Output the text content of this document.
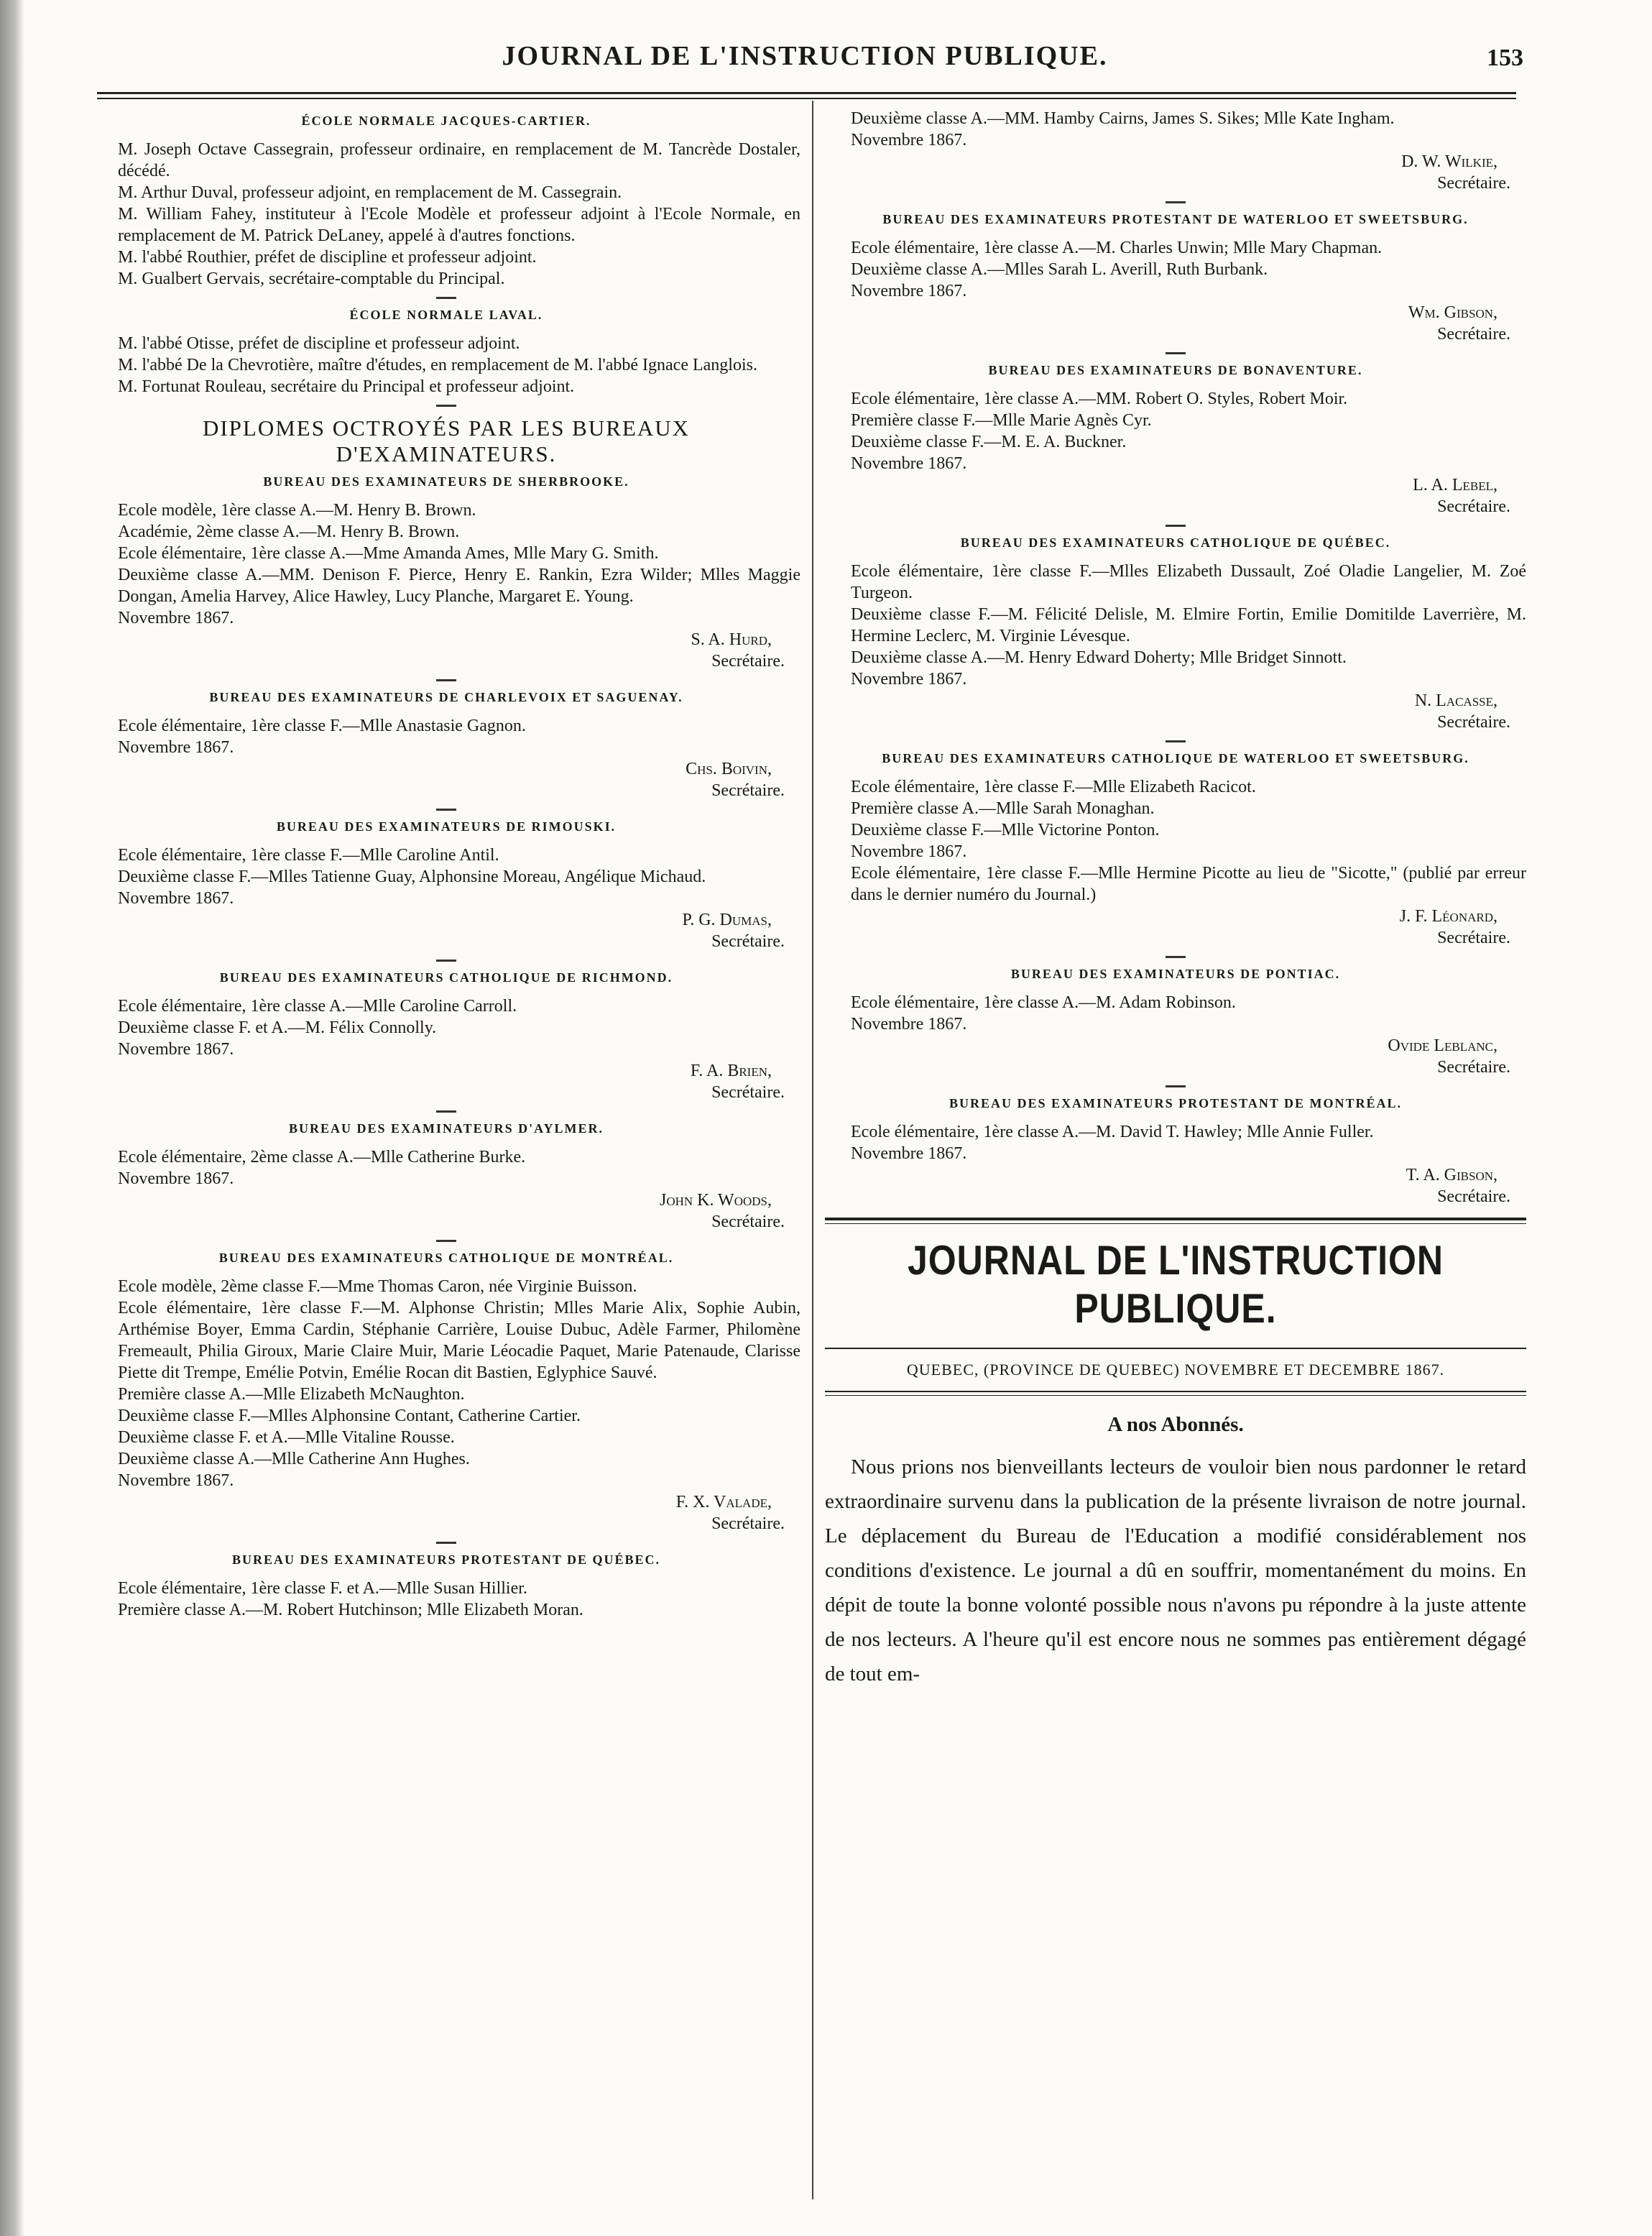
JOURNAL DE L'INSTRUCTION PUBLIQUE.	153
ÉCOLE NORMALE JACQUES-CARTIER.
M. Joseph Octave Cassegrain, professeur ordinaire, en remplacement de M. Tancrède Dostaler, décédé.
M. Arthur Duval, professeur adjoint, en remplacement de M. Cassegrain.
M. William Fahey, instituteur à l'Ecole Modèle et professeur adjoint à l'Ecole Normale, en remplacement de M. Patrick DeLaney, appelé à d'autres fonctions.
M. l'abbé Routhier, préfet de discipline et professeur adjoint.
M. Gualbert Gervais, secrétaire-comptable du Principal.
ÉCOLE NORMALE LAVAL.
M. l'abbé Otisse, préfet de discipline et professeur adjoint.
M. l'abbé De la Chevrotière, maître d'études, en remplacement de M. l'abbé Ignace Langlois.
M. Fortunat Rouleau, secrétaire du Principal et professeur adjoint.
DIPLOMES OCTROYÉS PAR LES BUREAUX D'EXAMINATEURS.
BUREAU DES EXAMINATEURS DE SHERBROOKE.
Ecole modèle, 1ère classe A.—M. Henry B. Brown.
Académie, 2ème classe A.—M. Henry B. Brown.
Ecole élémentaire, 1ère classe A.—Mme Amanda Ames, Mlle Mary G. Smith.
Deuxième classe A.—MM. Denison F. Pierce, Henry E. Rankin, Ezra Wilder; Mlles Maggie Dongan, Amelia Harvey, Alice Hawley, Lucy Planche, Margaret E. Young.
Novembre 1867.
S. A. Hurd,
Secrétaire.
BUREAU DES EXAMINATEURS DE CHARLEVOIX ET SAGUENAY.
Ecole élémentaire, 1ère classe F.—Mlle Anastasie Gagnon.
Novembre 1867.
Chs. Boivin,
Secrétaire.
BUREAU DES EXAMINATEURS DE RIMOUSKI.
Ecole élémentaire, 1ère classe F.—Mlle Caroline Antil.
Deuxième classe F.—Mlles Tatienne Guay, Alphonsine Moreau, Angélique Michaud.
Novembre 1867.
P. G. Dumas,
Secrétaire.
BUREAU DES EXAMINATEURS CATHOLIQUE DE RICHMOND.
Ecole élémentaire, 1ère classe A.—Mlle Caroline Carroll.
Deuxième classe F. et A.—M. Félix Connolly.
Novembre 1867.
F. A. Brien,
Secrétaire.
BUREAU DES EXAMINATEURS D'AYLMER.
Ecole élémentaire, 2ème classe A.—Mlle Catherine Burke.
Novembre 1867.
John K. Woods,
Secrétaire.
BUREAU DES EXAMINATEURS CATHOLIQUE DE MONTRÉAL.
Ecole modèle, 2ème classe F.—Mme Thomas Caron, née Virginie Buisson.
Ecole élémentaire, 1ère classe F.—M. Alphonse Christin; Mlles Marie Alix, Sophie Aubin, Arthémise Boyer, Emma Cardin, Stéphanie Carrière, Louise Dubuc, Adèle Farmer, Philomène Fremeault, Philia Giroux, Marie Claire Muir, Marie Léocadie Paquet, Marie Patenaude, Clarisse Piette dit Trempe, Emélie Potvin, Emélie Rocan dit Bastien, Eglyphice Sauvé.
Première classe A.—Mlle Elizabeth McNaughton.
Deuxième classe F.—Mlles Alphonsine Contant, Catherine Cartier.
Deuxième classe F. et A.—Mlle Vitaline Rousse.
Deuxième classe A.—Mlle Catherine Ann Hughes.
Novembre 1867.
F. X. Valade,
Secrétaire.
BUREAU DES EXAMINATEURS PROTESTANT DE QUÉBEC.
Ecole élémentaire, 1ère classe F. et A.—Mlle Susan Hillier.
Première classe A.—M. Robert Hutchinson; Mlle Elizabeth Moran.
Deuxième classe A.—MM. Hamby Cairns, James S. Sikes; Mlle Kate Ingham.
Novembre 1867.
D. W. Wilkie,
Secrétaire.
BUREAU DES EXAMINATEURS PROTESTANT DE WATERLOO ET SWEETSBURG.
Ecole élémentaire, 1ère classe A.—M. Charles Unwin; Mlle Mary Chapman.
Deuxième classe A.—Mlles Sarah L. Averill, Ruth Burbank.
Novembre 1867.
Wm. Gibson,
Secrétaire.
BUREAU DES EXAMINATEURS DE BONAVENTURE.
Ecole élémentaire, 1ère classe A.—MM. Robert O. Styles, Robert Moir.
Première classe F.—Mlle Marie Agnès Cyr.
Deuxième classe F.—M. E. A. Buckner.
Novembre 1867.
L. A. Lebel,
Secrétaire.
BUREAU DES EXAMINATEURS CATHOLIQUE DE QUÉBEC.
Ecole élémentaire, 1ère classe F.—Mlles Elizabeth Dussault, Zoé Oladie Langelier, M. Zoé Turgeon.
Deuxième classe F.—M. Félicité Delisle, M. Elmire Fortin, Emilie Domitilde Laverrière, M. Hermine Leclerc, M. Virginie Lévesque.
Deuxième classe A.—M. Henry Edward Doherty; Mlle Bridget Sinnott.
Novembre 1867.
N. Lacasse,
Secrétaire.
BUREAU DES EXAMINATEURS CATHOLIQUE DE WATERLOO ET SWEETSBURG.
Ecole élémentaire, 1ère classe F.—Mlle Elizabeth Racicot.
Première classe A.—Mlle Sarah Monaghan.
Deuxième classe F.—Mlle Victorine Ponton.
Novembre 1867.
Ecole élémentaire, 1ère classe F.—Mlle Hermine Picotte au lieu de "Sicotte," (publié par erreur dans le dernier numéro du Journal.)
J. F. Léonard,
Secrétaire.
BUREAU DES EXAMINATEURS DE PONTIAC.
Ecole élémentaire, 1ère classe A.—M. Adam Robinson.
Novembre 1867.
Ovide Leblanc,
Secrétaire.
BUREAU DES EXAMINATEURS PROTESTANT DE MONTRÉAL.
Ecole élémentaire, 1ère classe A.—M. David T. Hawley; Mlle Annie Fuller.
Novembre 1867.
T. A. Gibson,
Secrétaire.
JOURNAL DE L'INSTRUCTION PUBLIQUE.
QUEBEC, (PROVINCE DE QUEBEC) NOVEMBRE ET DECEMBRE 1867.
A nos Abonnés.
Nous prions nos bienveillants lecteurs de vouloir bien nous pardonner le retard extraordinaire survenu dans la publication de la présente livraison de notre journal. Le déplacement du Bureau de l'Education a modifié considérablement nos conditions d'existence. Le journal a dû en souffrir, momentanément du moins. En dépit de toute la bonne volonté possible nous n'avons pu répondre à la juste attente de nos lecteurs. A l'heure qu'il est encore nous ne sommes pas entièrement dégagé de tout em-
